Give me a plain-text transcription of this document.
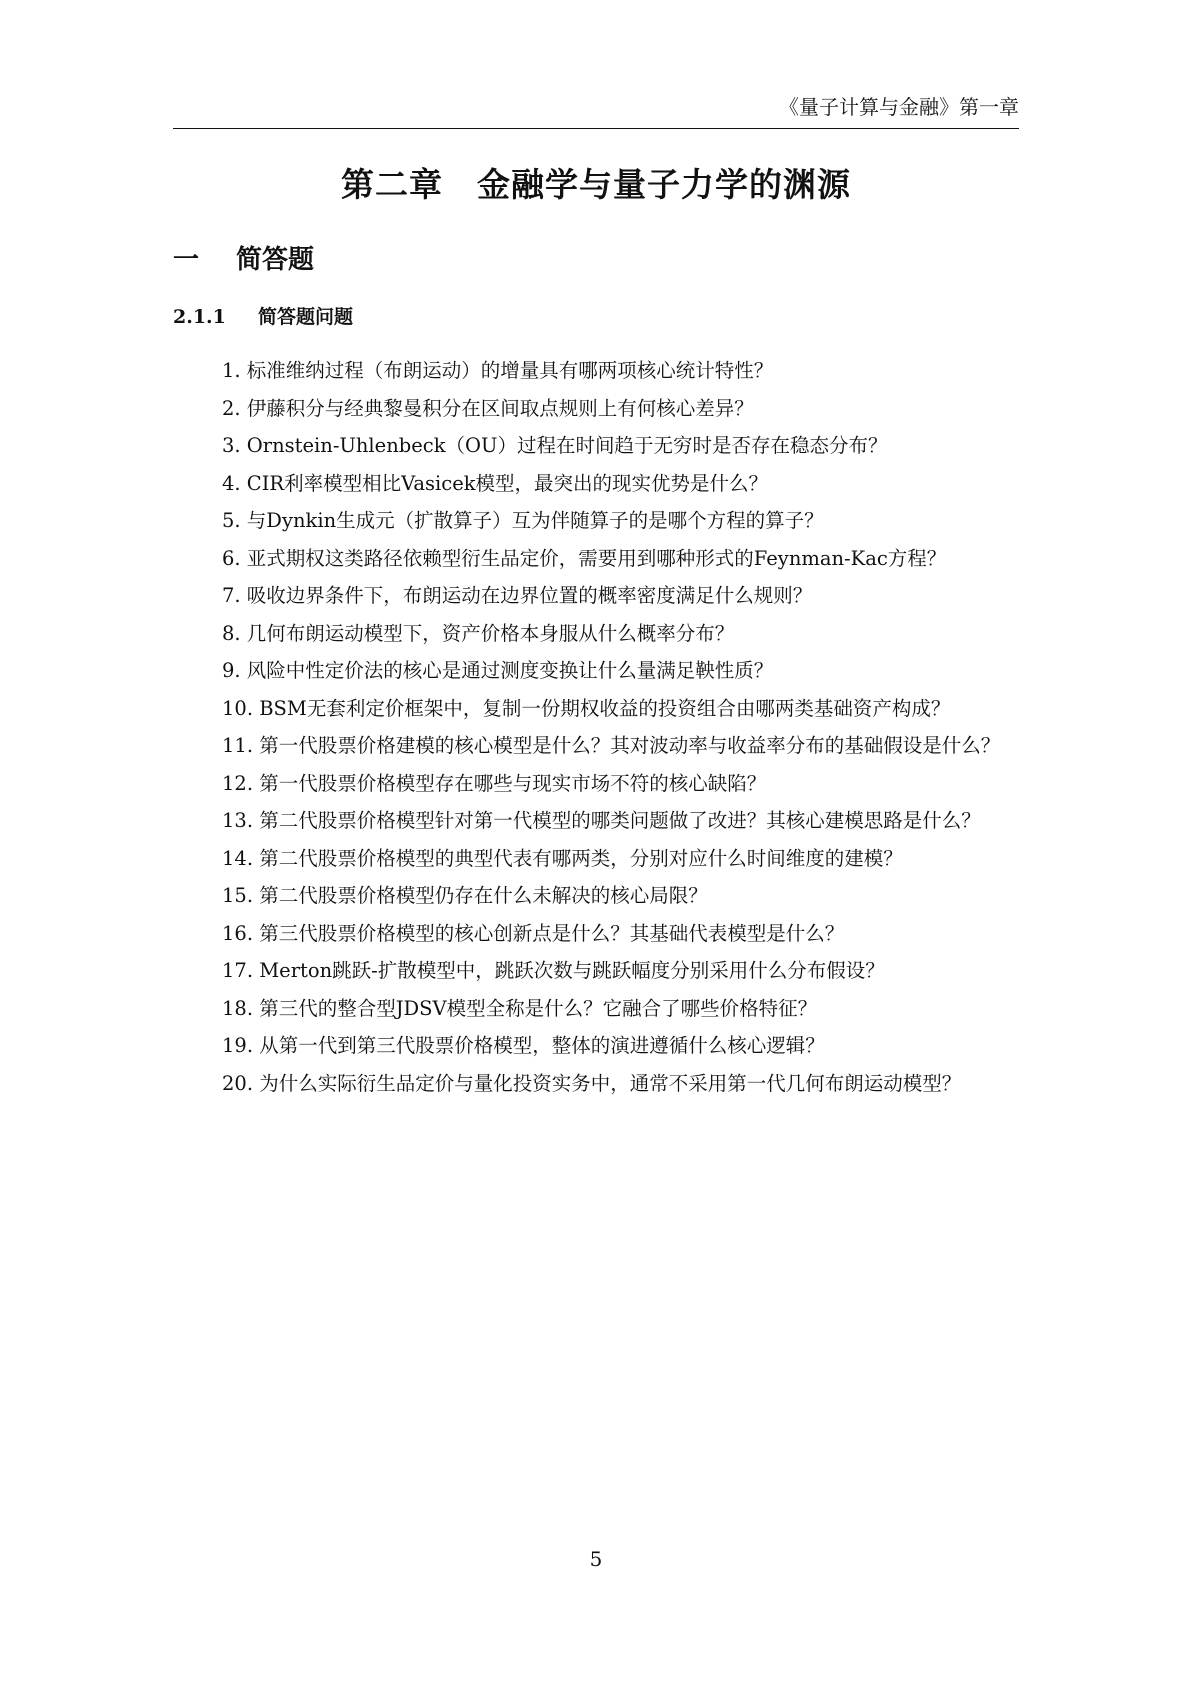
《量子计算与金融》第一章
第二章　金融学与量子力学的渊源
一 简答题
2.1.1 简答题问题

1. 标准维纳过程（布朗运动）的增量具有哪两项核心统计特性？

2. 伊藤积分与经典黎曼积分在区间取点规则上有何核心差异？

3. Ornstein-Uhlenbeck（OU）过程在时间趋于无穷时是否存在稳态分布？

4. CIR利率模型相比Vasicek模型，最突出的现实优势是什么？

5. 与Dynkin生成元（扩散算子）互为伴随算子的是哪个方程的算子？

6. 亚式期权这类路径依赖型衍生品定价，需要用到哪种形式的Feynman-Kac方程？

7. 吸收边界条件下，布朗运动在边界位置的概率密度满足什么规则？

8. 几何布朗运动模型下，资产价格本身服从什么概率分布？

9. 风险中性定价法的核心是通过测度变换让什么量满足鞅性质？

10. BSM无套利定价框架中，复制一份期权收益的投资组合由哪两类基础资产构成？

11. 第一代股票价格建模的核心模型是什么？其对波动率与收益率分布的基础假设是什么？

12. 第一代股票价格模型存在哪些与现实市场不符的核心缺陷？

13. 第二代股票价格模型针对第一代模型的哪类问题做了改进？其核心建模思路是什么？

14. 第二代股票价格模型的典型代表有哪两类，分别对应什么时间维度的建模？

15. 第二代股票价格模型仍存在什么未解决的核心局限？

16. 第三代股票价格模型的核心创新点是什么？其基础代表模型是什么？

17. Merton跳跃-扩散模型中，跳跃次数与跳跃幅度分别采用什么分布假设？

18. 第三代的整合型JDSV模型全称是什么？它融合了哪些价格特征？

19. 从第一代到第三代股票价格模型，整体的演进遵循什么核心逻辑？

20. 为什么实际衍生品定价与量化投资实务中，通常不采用第一代几何布朗运动模型？

5
